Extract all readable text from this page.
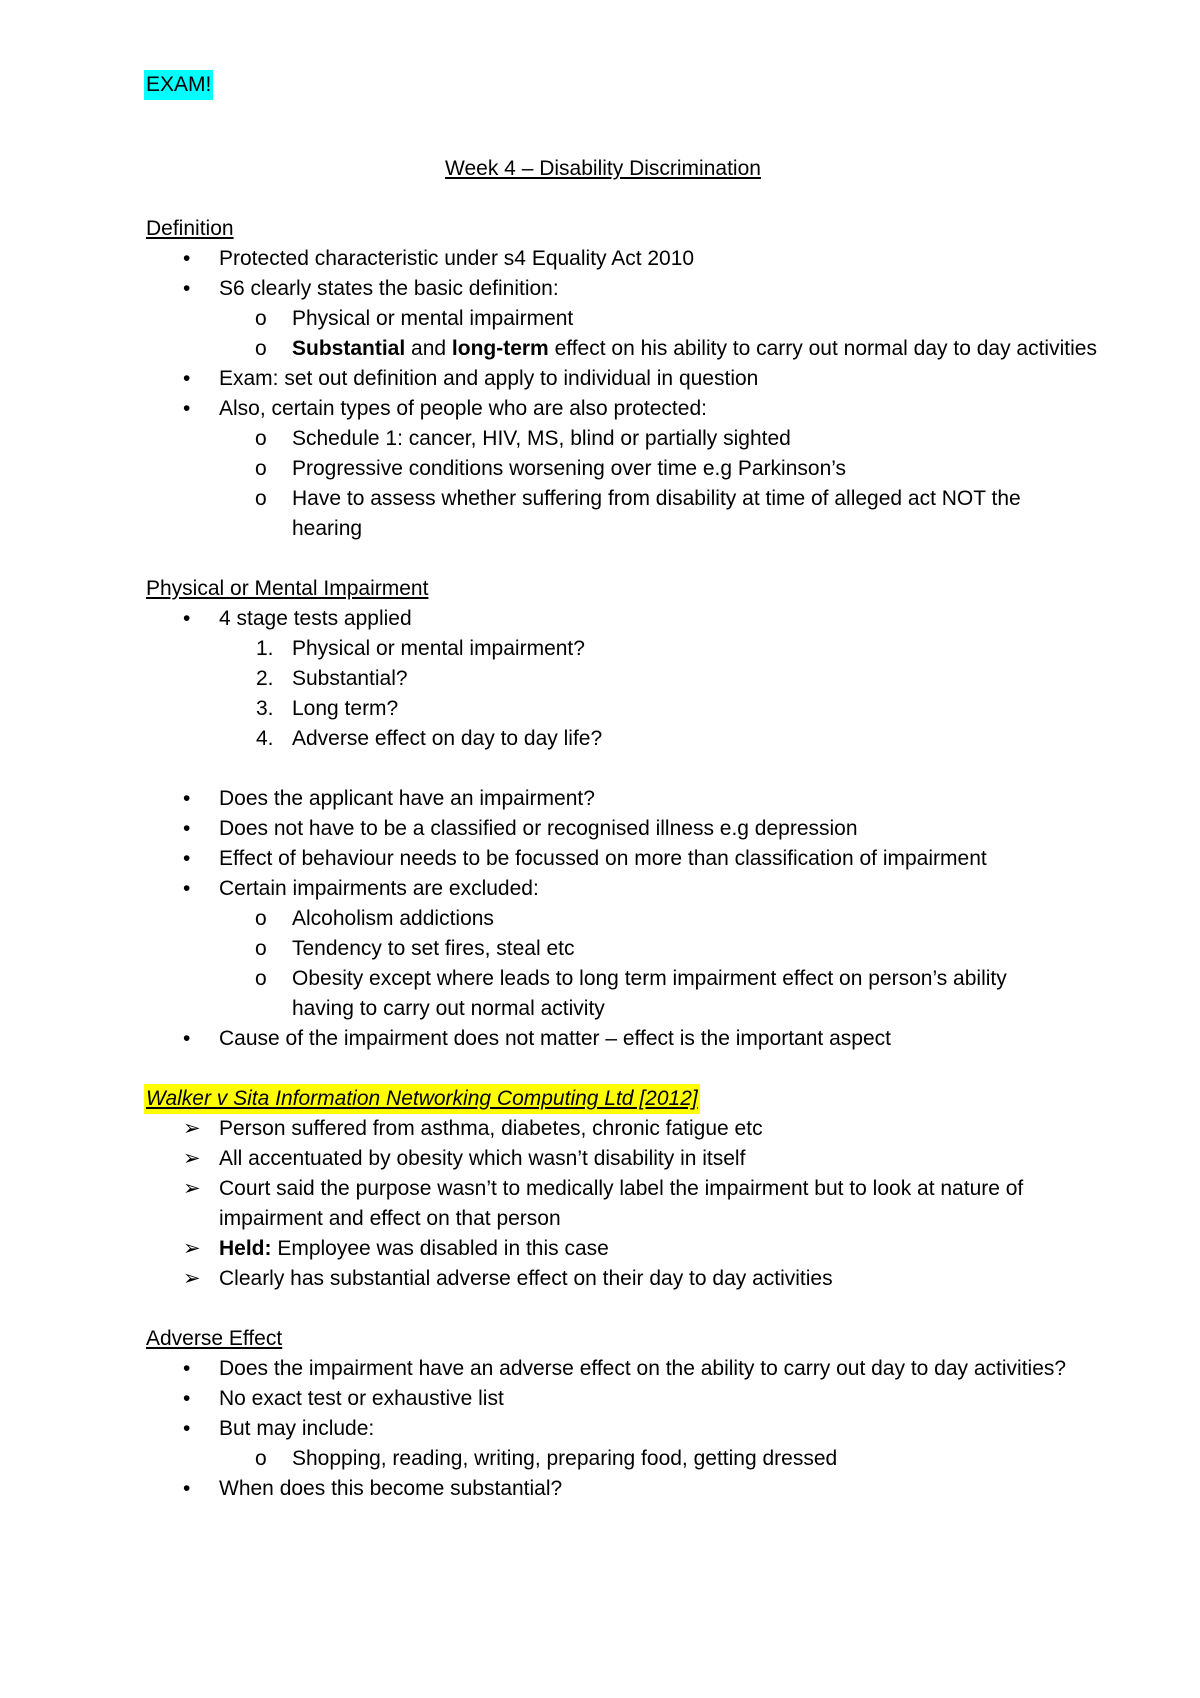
EXAM!
Week 4 – Disability Discrimination
Definition
• Protected characteristic under s4 Equality Act 2010
• S6 clearly states the basic definition:
o Physical or mental impairment
o Substantial and long-term effect on his ability to carry out normal day to day activities
• Exam: set out definition and apply to individual in question
• Also, certain types of people who are also protected:
o Schedule 1: cancer, HIV, MS, blind or partially sighted
o Progressive conditions worsening over time e.g Parkinson’s
o Have to assess whether suffering from disability at time of alleged act NOT the hearing
Physical or Mental Impairment
• 4 stage tests applied
1. Physical or mental impairment?
2. Substantial?
3. Long term?
4. Adverse effect on day to day life?
• Does the applicant have an impairment?
• Does not have to be a classified or recognised illness e.g depression
• Effect of behaviour needs to be focussed on more than classification of impairment
• Certain impairments are excluded:
o Alcoholism addictions
o Tendency to set fires, steal etc
o Obesity except where leads to long term impairment effect on person’s ability having to carry out normal activity
• Cause of the impairment does not matter – effect is the important aspect
Walker v Sita Information Networking Computing Ltd [2012]
➢ Person suffered from asthma, diabetes, chronic fatigue etc
➢ All accentuated by obesity which wasn’t disability in itself
➢ Court said the purpose wasn’t to medically label the impairment but to look at nature of impairment and effect on that person
➢ Held: Employee was disabled in this case
➢ Clearly has substantial adverse effect on their day to day activities
Adverse Effect
• Does the impairment have an adverse effect on the ability to carry out day to day activities?
• No exact test or exhaustive list
• But may include:
o Shopping, reading, writing, preparing food, getting dressed
• When does this become substantial?
